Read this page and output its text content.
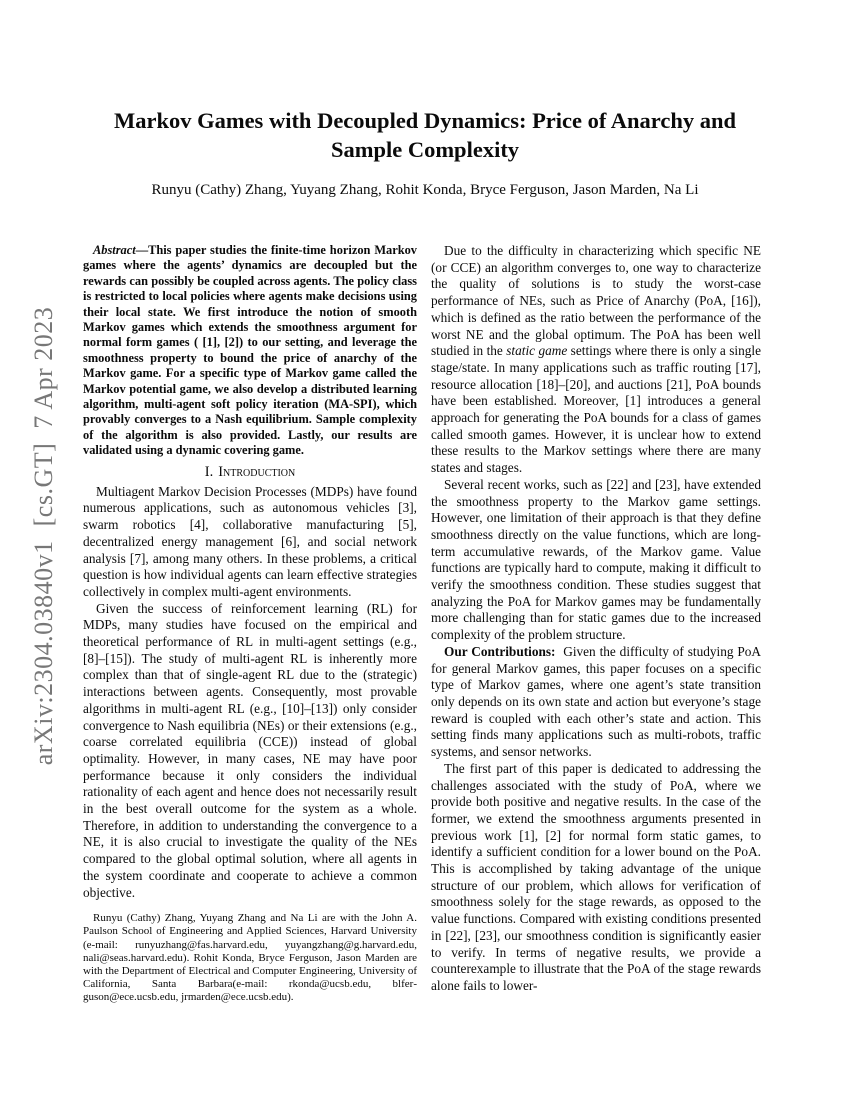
arXiv:2304.03840v1  [cs.GT]  7 Apr 2023
Markov Games with Decoupled Dynamics: Price of Anarchy and
Sample Complexity
Runyu (Cathy) Zhang, Yuyang Zhang, Rohit Konda, Bryce Ferguson, Jason Marden, Na Li

Abstract—This paper studies the finite-time horizon Markov games where the agents’ dynamics are decoupled but the rewards can possibly be coupled across agents. The policy class is restricted to local policies where agents make decisions using their local state. We first introduce the notion of smooth Markov games which extends the smoothness argument for normal form games ( [1], [2]) to our setting, and leverage the smoothness property to bound the price of anarchy of the Markov game. For a specific type of Markov game called the Markov potential game, we also develop a distributed learning algorithm, multi-agent soft policy iteration (MA-SPI), which provably converges to a Nash equilibrium. Sample complexity of the algorithm is also provided. Lastly, our results are validated using a dynamic covering game.

I. Introduction

Multiagent Markov Decision Processes (MDPs) have found numerous applications, such as autonomous vehicles [3], swarm robotics [4], collaborative manufacturing [5], decentralized energy management [6], and social network analysis [7], among many others. In these problems, a critical question is how individual agents can learn effective strategies collectively in complex multi-agent environments.

Given the success of reinforcement learning (RL) for MDPs, many studies have focused on the empirical and theoretical performance of RL in multi-agent settings (e.g., [8]–[15]). The study of multi-agent RL is inherently more complex than that of single-agent RL due to the (strategic) interactions between agents. Consequently, most provable algorithms in multi-agent RL (e.g., [10]–[13]) only consider convergence to Nash equilibria (NEs) or their extensions (e.g., coarse correlated equilibria (CCE)) instead of global optimality. However, in many cases, NE may have poor performance because it only considers the individual rationality of each agent and hence does not necessarily result in the best overall outcome for the system as a whole. Therefore, in addition to understanding the convergence to a NE, it is also crucial to investigate the quality of the NEs compared to the global optimal solution, where all agents in the system coordinate and cooperate to achieve a common objective.

Runyu (Cathy) Zhang, Yuyang Zhang and Na Li are with the John A. Paulson School of Engineering and Applied Sciences, Harvard University (e-mail: runyuzhang@fas.harvard.edu, yuyangzhang@g.harvard.edu, nali@seas.harvard.edu). Rohit Konda, Bryce Ferguson, Jason Marden are with the Department of Electrical and Computer Engineering, University of California, Santa Barbara(e-mail: rkonda@ucsb.edu, blferguson@ece.ucsb.edu, jrmarden@ece.ucsb.edu).

Due to the difficulty in characterizing which specific NE (or CCE) an algorithm converges to, one way to characterize the quality of solutions is to study the worst-case performance of NEs, such as Price of Anarchy (PoA, [16]), which is defined as the ratio between the performance of the worst NE and the global optimum. The PoA has been well studied in the static game settings where there is only a single stage/state. In many applications such as traffic routing [17], resource allocation [18]–[20], and auctions [21], PoA bounds have been established. Moreover, [1] introduces a general approach for generating the PoA bounds for a class of games called smooth games. However, it is unclear how to extend these results to the Markov settings where there are many states and stages.

Several recent works, such as [22] and [23], have extended the smoothness property to the Markov game settings. However, one limitation of their approach is that they define smoothness directly on the value functions, which are long-term accumulative rewards, of the Markov game. Value functions are typically hard to compute, making it difficult to verify the smoothness condition. These studies suggest that analyzing the PoA for Markov games may be fundamentally more challenging than for static games due to the increased complexity of the problem structure.

Our Contributions:  Given the difficulty of studying PoA for general Markov games, this paper focuses on a specific type of Markov games, where one agent’s state transition only depends on its own state and action but everyone’s stage reward is coupled with each other’s state and action. This setting finds many applications such as multi-robots, traffic systems, and sensor networks.

The first part of this paper is dedicated to addressing the challenges associated with the study of PoA, where we provide both positive and negative results. In the case of the former, we extend the smoothness arguments presented in previous work [1], [2] for normal form static games, to identify a sufficient condition for a lower bound on the PoA. This is accomplished by taking advantage of the unique structure of our problem, which allows for verification of smoothness solely for the stage rewards, as opposed to the value functions. Compared with existing conditions presented in [22], [23], our smoothness condition is significantly easier to verify. In terms of negative results, we provide a counterexample to illustrate that the PoA of the stage rewards alone fails to lower-
